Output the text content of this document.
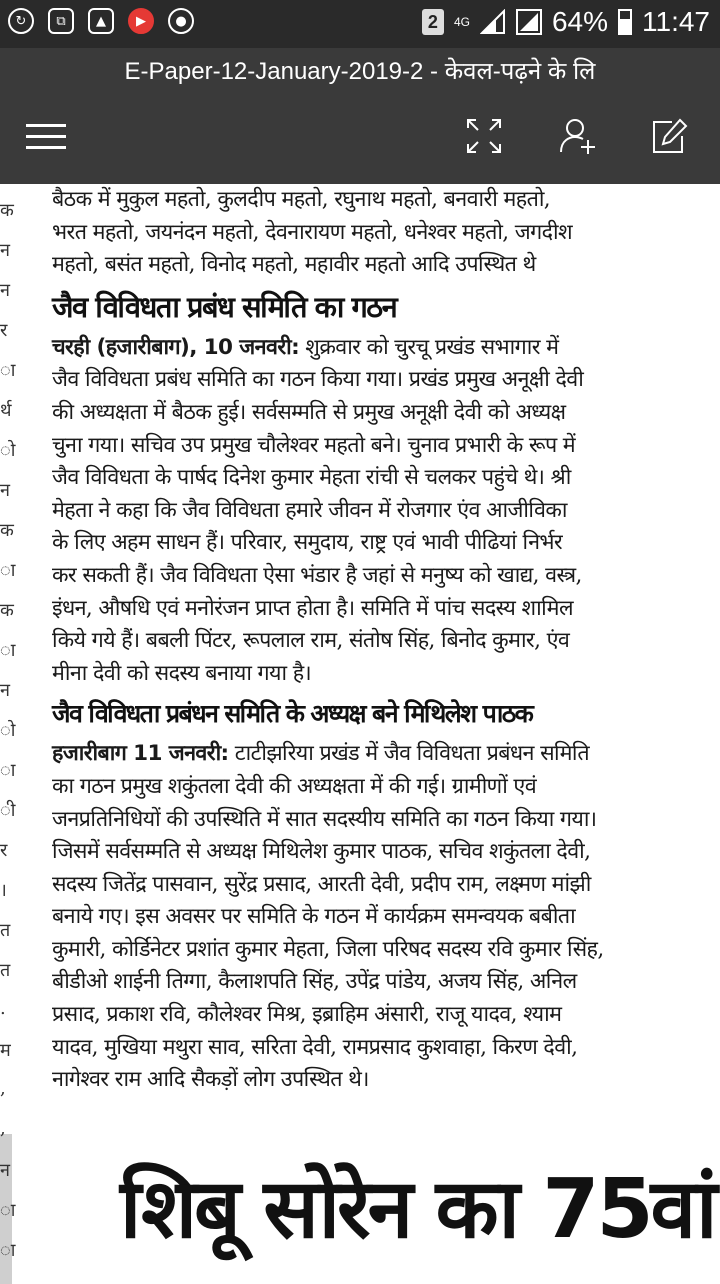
↻	⧉	▲	▶	●	2	4G	64% 11:47
E-Paper-12-January-2019-2 - केवल-पढ़ने के लि
क
न
न
र
ा
र्थ
ो
न
क
ा
क
ा
न
ो
ा
ी
र
।
त
त
.
म
,
,
न
ा
ा

बैठक में मुकुल महतो, कुलदीप महतो, रघुनाथ महतो, बनवारी महतो,

भरत महतो, जयनंदन महतो, देवनारायण महतो, धनेश्वर महतो, जगदीश

महतो, बसंत महतो, विनोद महतो, महावीर महतो आदि उपस्थित थे

जैव विविधता प्रबंध समिति का गठन

चरही (हजारीबाग), 10 जनवरी: शुक्रवार को चुरचू प्रखंड सभागार में

जैव विविधता प्रबंध समिति का गठन किया गया। प्रखंड प्रमुख अनूक्षी देवी

की अध्यक्षता में बैठक हुई। सर्वसम्मति से प्रमुख अनूक्षी देवी को अध्यक्ष

चुना गया। सचिव उप प्रमुख चौलेश्वर महतो बने। चुनाव प्रभारी के रूप में

जैव विविधता के पार्षद दिनेश कुमार मेहता रांची से चलकर पहुंचे थे। श्री

मेहता ने कहा कि जैव विविधता हमारे जीवन में रोजगार एंव आजीविका

के लिए अहम साधन हैं। परिवार, समुदाय, राष्ट्र एवं भावी पीढियां निर्भर

कर सकती हैं। जैव विविधता ऐसा भंडार है जहां से मनुष्य को खाद्य, वस्त्र,

इंधन, औषधि एवं मनोरंजन प्राप्त होता है। समिति में पांच सदस्य शामिल

किये गये हैं। बबली पिंटर, रूपलाल राम, संतोष सिंह, बिनोद कुमार, एंव

मीना देवी को सदस्य बनाया गया है।

जैव विविधता प्रबंधन समिति के अध्यक्ष बने मिथिलेश पाठक

हजारीबाग 11 जनवरी: टाटीझरिया प्रखंड में जैव विविधता प्रबंधन समिति

का गठन प्रमुख शकुंतला देवी की अध्यक्षता में की गई। ग्रामीणों एवं

जनप्रतिनिधियों की उपस्थिति में सात सदस्यीय समिति का गठन किया गया।

जिसमें सर्वसम्मति से अध्यक्ष मिथिलेश कुमार पाठक, सचिव शकुंतला देवी,

सदस्य जितेंद्र पासवान, सुरेंद्र प्रसाद, आरती देवी, प्रदीप राम, लक्ष्मण मांझी

बनाये गए। इस अवसर पर समिति के गठन में कार्यक्रम समन्वयक बबीता

कुमारी, कोर्डिनेटर प्रशांत कुमार मेहता, जिला परिषद सदस्य रवि कुमार सिंह,

बीडीओ शाईनी तिग्गा, कैलाशपति सिंह, उपेंद्र पांडेय, अजय सिंह, अनिल

प्रसाद, प्रकाश रवि, कौलेश्वर मिश्र, इब्राहिम अंसारी, राजू यादव, श्याम

यादव, मुखिया मथुरा साव, सरिता देवी, रामप्रसाद कुशवाहा, किरण देवी,

नागेश्वर राम आदि सैकड़ों लोग उपस्थित थे।

शिबू सोरेन का 75वां
